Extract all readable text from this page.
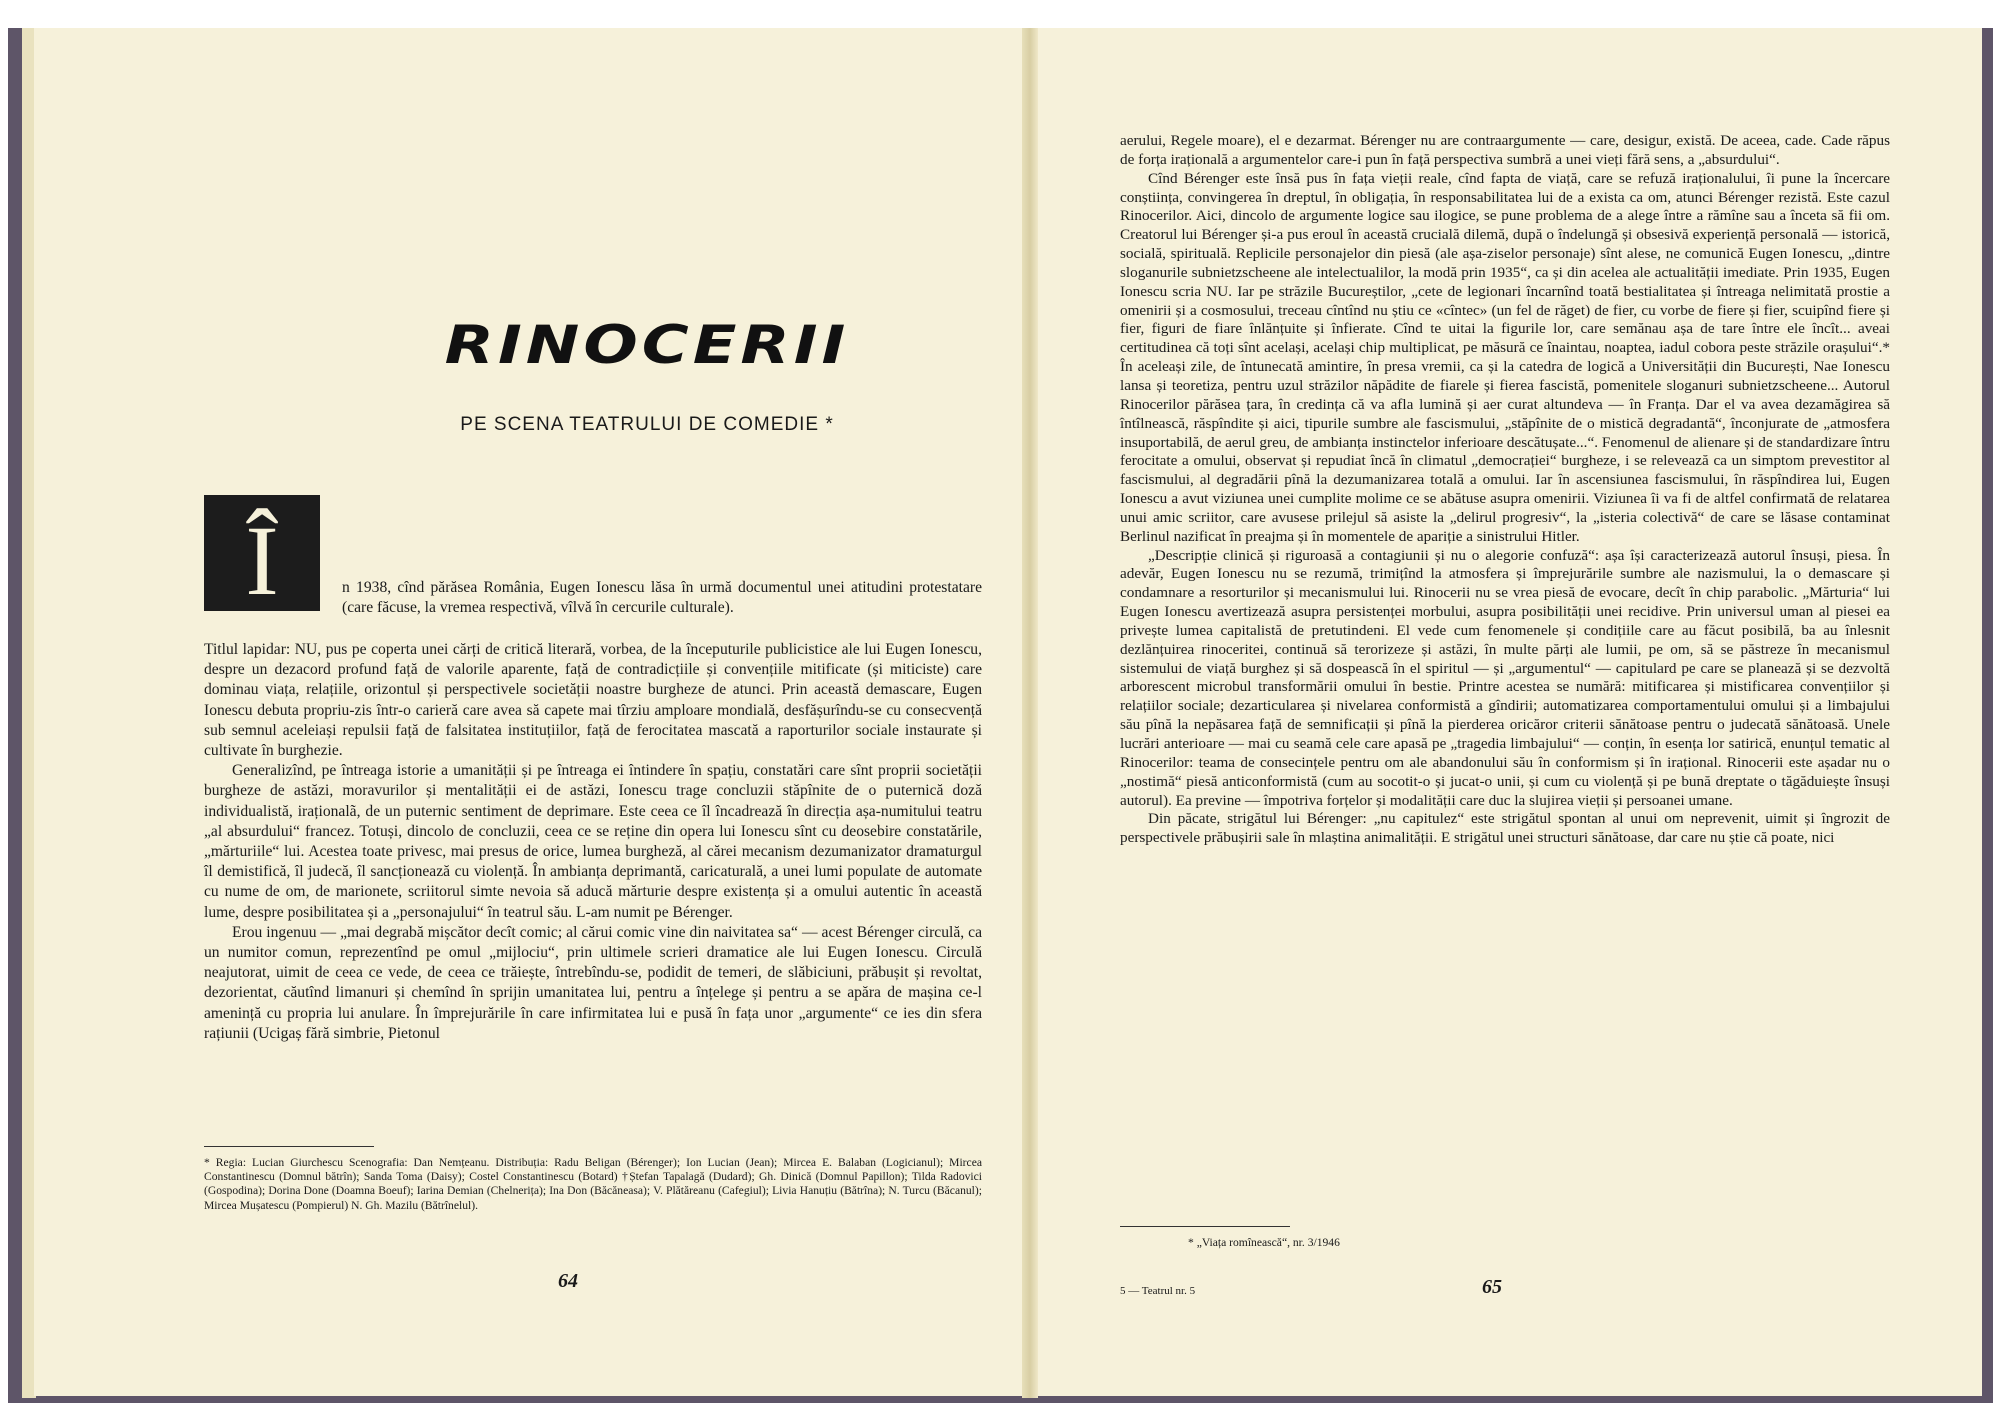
RINOCERII
PE SCENA TEATRULUI DE COMEDIE *
Î	n 1938, cînd părăsea România, Eugen Ionescu lăsa în urmă documentul unei atitudini protestatare (care făcuse, la vremea respectivă, vîlvă în cercurile culturale).

Titlul lapidar: NU, pus pe coperta unei cărți de critică literară, vorbea, de la începuturile publicistice ale lui Eugen Ionescu, despre un dezacord profund față de valorile aparente, față de contradicțiile și convențiile mitificate (și miticiste) care dominau viața, relațiile, orizontul și perspectivele societății noastre burgheze de atunci. Prin această demascare, Eugen Ionescu debuta propriu-zis într-o carieră care avea să capete mai tîrziu amploare mondială, desfășurîndu-se cu consecvență sub semnul aceleiași repulsii față de falsitatea instituțiilor, față de ferocitatea mascată a raporturilor sociale instaurate și cultivate în burghezie.

Generalizînd, pe întreaga istorie a umanității și pe întreaga ei întindere în spațiu, constatări care sînt proprii societății burgheze de astăzi, moravurilor și mentalității ei de astăzi, Ionescu trage concluzii stăpînite de o puternică doză individualistă, iraționalã, de un puternic sentiment de deprimare. Este ceea ce îl încadrează în direcția așa-numitului teatru „al absurdului“ francez. Totuși, dincolo de concluzii, ceea ce se reține din opera lui Ionescu sînt cu deosebire constatările, „mărturiile“ lui. Acestea toate privesc, mai presus de orice, lumea burgheză, al cărei mecanism dezumanizator dramaturgul îl demistifică, îl judecă, îl sancționează cu violență. În ambianța deprimantă, caricaturală, a unei lumi populate de automate cu nume de om, de marionete, scriitorul simte nevoia să aducă mărturie despre existența și a omului autentic în această lume, despre posibilitatea și a „personajului“ în teatrul său. L-am numit pe Bérenger.

Erou ingenuu — „mai degrabă mișcător decît comic; al cărui comic vine din naivitatea sa“ — acest Bérenger circulă, ca un numitor comun, reprezentînd pe omul „mijlociu“, prin ultimele scrieri dramatice ale lui Eugen Ionescu. Circulă neajutorat, uimit de ceea ce vede, de ceea ce trăiește, întrebîndu-se, podidit de temeri, de slăbiciuni, prăbușit și revoltat, dezorientat, căutînd limanuri și chemînd în sprijin umanitatea lui, pentru a înțelege și pentru a se apăra de mașina ce-l amenință cu propria lui anulare. În împrejurările în care infirmitatea lui e pusă în fața unor „argumente“ ce ies din sfera rațiunii (Ucigaș fără simbrie, Pietonul

* Regia: Lucian Giurchescu Scenografia: Dan Nemțeanu. Distribuția: Radu Beligan (Bérenger); Ion Lucian (Jean); Mircea E. Balaban (Logicianul); Mircea Constantinescu (Domnul bătrîn); Sanda Toma (Daisy); Costel Constantinescu (Botard) †Ștefan Tapalagă (Dudard); Gh. Dinică (Domnul Papillon); Tilda Radovici (Gospodina); Dorina Done (Doamna Boeuf); Iarina Demian (Chelnerița); Ina Don (Băcăneasa); V. Plătăreanu (Cafegiul); Livia Hanuțiu (Bătrîna); N. Turcu (Băcanul); Mircea Mușatescu (Pompierul) N. Gh. Mazilu (Bătrînelul).
64

aerului, Regele moare), el e dezarmat. Bérenger nu are contraargumente — care, desigur, există. De aceea, cade. Cade răpus de forța irațională a argumentelor care-i pun în față perspectiva sumbră a unei vieți fără sens, a „absurdului“.

Cînd Bérenger este însă pus în fața vieții reale, cînd fapta de viață, care se refuză iraționalului, îi pune la încercare conștiința, convingerea în dreptul, în obligația, în responsabilitatea lui de a exista ca om, atunci Bérenger rezistă. Este cazul Rinocerilor. Aici, dincolo de argumente logice sau ilogice, se pune problema de a alege între a rămîne sau a înceta să fii om. Creatorul lui Bérenger și-a pus eroul în această crucială dilemă, după o îndelungă și obsesivă experiență personală — istorică, socială, spirituală. Replicile personajelor din piesă (ale așa-ziselor personaje) sînt alese, ne comunică Eugen Ionescu, „dintre sloganurile subnietzscheene ale intelectualilor, la modă prin 1935“, ca și din acelea ale actualității imediate. Prin 1935, Eugen Ionescu scria NU. Iar pe străzile Bucureștilor, „cete de legionari încarnînd toată bestialitatea și întreaga nelimitată prostie a omenirii și a cosmosului, treceau cîntînd nu știu ce «cîntec» (un fel de răget) de fier, cu vorbe de fiere și fier, scuipînd fiere și fier, figuri de fiare înlănțuite și înfierate. Cînd te uitai la figurile lor, care semănau așa de tare între ele încît... aveai certitudinea că toți sînt același, același chip multiplicat, pe măsură ce înaintau, noaptea, iadul cobora peste străzile orașului“.* În aceleași zile, de întunecată amintire, în presa vremii, ca și la catedra de logică a Universității din București, Nae Ionescu lansa și teoretiza, pentru uzul străzilor năpădite de fiarele și fierea fascistă, pomenitele sloganuri subnietzscheene... Autorul Rinocerilor părăsea țara, în credința că va afla lumină și aer curat altundeva — în Franța. Dar el va avea dezamăgirea să întîlnească, răspîndite și aici, tipurile sumbre ale fascismului, „stăpînite de o mistică degradantă“, înconjurate de „atmosfera insuportabilă, de aerul greu, de ambianța instinctelor inferioare descătușate...“. Fenomenul de alienare și de standardizare întru ferocitate a omului, observat și repudiat încă în climatul „democrației“ burgheze, i se relevează ca un simptom prevestitor al fascismului, al degradării pînă la dezumanizarea totală a omului. Iar în ascensiunea fascismului, în răspîndirea lui, Eugen Ionescu a avut viziunea unei cumplite molime ce se abătuse asupra omenirii. Viziunea îi va fi de altfel confirmată de relatarea unui amic scriitor, care avusese prilejul să asiste la „delirul progresiv“, la „isteria colectivă“ de care se lăsase contaminat Berlinul nazificat în preajma și în momentele de apariție a sinistrului Hitler.

„Descripție clinică și riguroasă a contagiunii și nu o alegorie confuză“: așa își caracterizează autorul însuși, piesa. În adevăr, Eugen Ionescu nu se rezumă, trimițînd la atmosfera și împrejurările sumbre ale nazismului, la o demascare și condamnare a resorturilor și mecanismului lui. Rinocerii nu se vrea piesă de evocare, decît în chip parabolic. „Mărturia“ lui Eugen Ionescu avertizează asupra persistenței morbului, asupra posibilității unei recidive. Prin universul uman al piesei ea privește lumea capitalistă de pretutindeni. El vede cum fenomenele și condițiile care au făcut posibilă, ba au înlesnit dezlănțuirea rinoceritei, continuă să terorizeze și astăzi, în multe părți ale lumii, pe om, să se păstreze în mecanismul sistemului de viață burghez și să dospească în el spiritul — și „argumentul“ — capitulard pe care se planează și se dezvoltă arborescent microbul transformării omului în bestie. Printre acestea se numără: mitificarea și mistificarea convențiilor și relațiilor sociale; dezarticularea și nivelarea conformistă a gîndirii; automatizarea comportamentului omului și a limbajului său pînă la nepăsarea față de semnificații și pînă la pierderea oricăror criterii sănătoase pentru o judecată sănătoasă. Unele lucrări anterioare — mai cu seamă cele care apasă pe „tragedia limbajului“ — conțin, în esența lor satirică, enunțul tematic al Rinocerilor: teama de consecințele pentru om ale abandonului său în conformism și în irațional. Rinocerii este așadar nu o „nostimă“ piesă anticonformistă (cum au socotit-o și jucat-o unii, și cum cu violență și pe bună dreptate o tăgăduiește însuși autorul). Ea previne — împotriva forțelor și modalității care duc la slujirea vieții și persoanei umane.

Din păcate, strigătul lui Bérenger: „nu capitulez“ este strigătul spontan al unui om neprevenit, uimit și îngrozit de perspectivele prăbușirii sale în mlaștina animalității. E strigătul unei structuri sănătoase, dar care nu știe că poate, nici

* „Viața romînească“, nr. 3/1946
5 — Teatrul nr. 5	65
